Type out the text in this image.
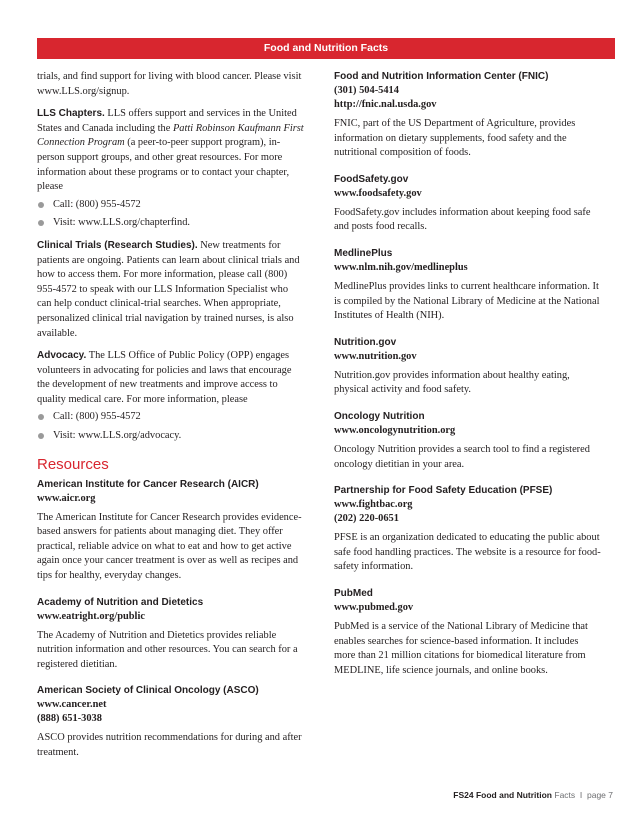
Food and Nutrition Facts

trials, and find support for living with blood cancer. Please visit www.LLS.org/signup.

LLS Chapters. LLS offers support and services in the United States and Canada including the Patti Robinson Kaufmann First Connection Program (a peer-to-peer support program), in-person support groups, and other great resources. For more information about these programs or to contact your chapter, please

Call: (800) 955-4572
Visit: www.LLS.org/chapterfind.

Clinical Trials (Research Studies). New treatments for patients are ongoing. Patients can learn about clinical trials and how to access them. For more information, please call (800) 955-4572 to speak with our LLS Information Specialist who can help conduct clinical-trial searches. When appropriate, personalized clinical trial navigation by trained nurses, is also available.

Advocacy. The LLS Office of Public Policy (OPP) engages volunteers in advocating for policies and laws that encourage the development of new treatments and improve access to quality medical care. For more information, please

Call: (800) 955-4572
Visit: www.LLS.org/advocacy.
Resources
American Institute for Cancer Research (AICR)
www.aicr.org

The American Institute for Cancer Research provides evidence-based answers for patients about managing diet. They offer practical, reliable advice on what to eat and how to get active again once your cancer treatment is over as well as recipes and tips for healthy, everyday changes.

Academy of Nutrition and Dietetics
www.eatright.org/public

The Academy of Nutrition and Dietetics provides reliable nutrition information and other resources. You can search for a registered dietitian.

American Society of Clinical Oncology (ASCO)
www.cancer.net
(888) 651-3038

ASCO provides nutrition recommendations for during and after treatment.

Food and Nutrition Information Center (FNIC)
(301) 504-5414
http://fnic.nal.usda.gov

FNIC, part of the US Department of Agriculture, provides information on dietary supplements, food safety and the nutritional composition of foods.

FoodSafety.gov
www.foodsafety.gov

FoodSafety.gov includes information about keeping food safe and posts food recalls.

MedlinePlus
www.nlm.nih.gov/medlineplus

MedlinePlus provides links to current healthcare information. It is compiled by the National Library of Medicine at the National Institutes of Health (NIH).

Nutrition.gov
www.nutrition.gov

Nutrition.gov provides information about healthy eating, physical activity and food safety.

Oncology Nutrition
www.oncologynutrition.org

Oncology Nutrition provides a search tool to find a registered oncology dietitian in your area.

Partnership for Food Safety Education (PFSE)
www.fightbac.org
(202) 220-0651

PFSE is an organization dedicated to educating the public about safe food handling practices. The website is a resource for food-safety information.

PubMed
www.pubmed.gov

PubMed is a service of the National Library of Medicine that enables searches for science-based information. It includes more than 21 million citations for biomedical literature from MEDLINE, life science journals, and online books.

FS24 Food and Nutrition Facts I page 7
